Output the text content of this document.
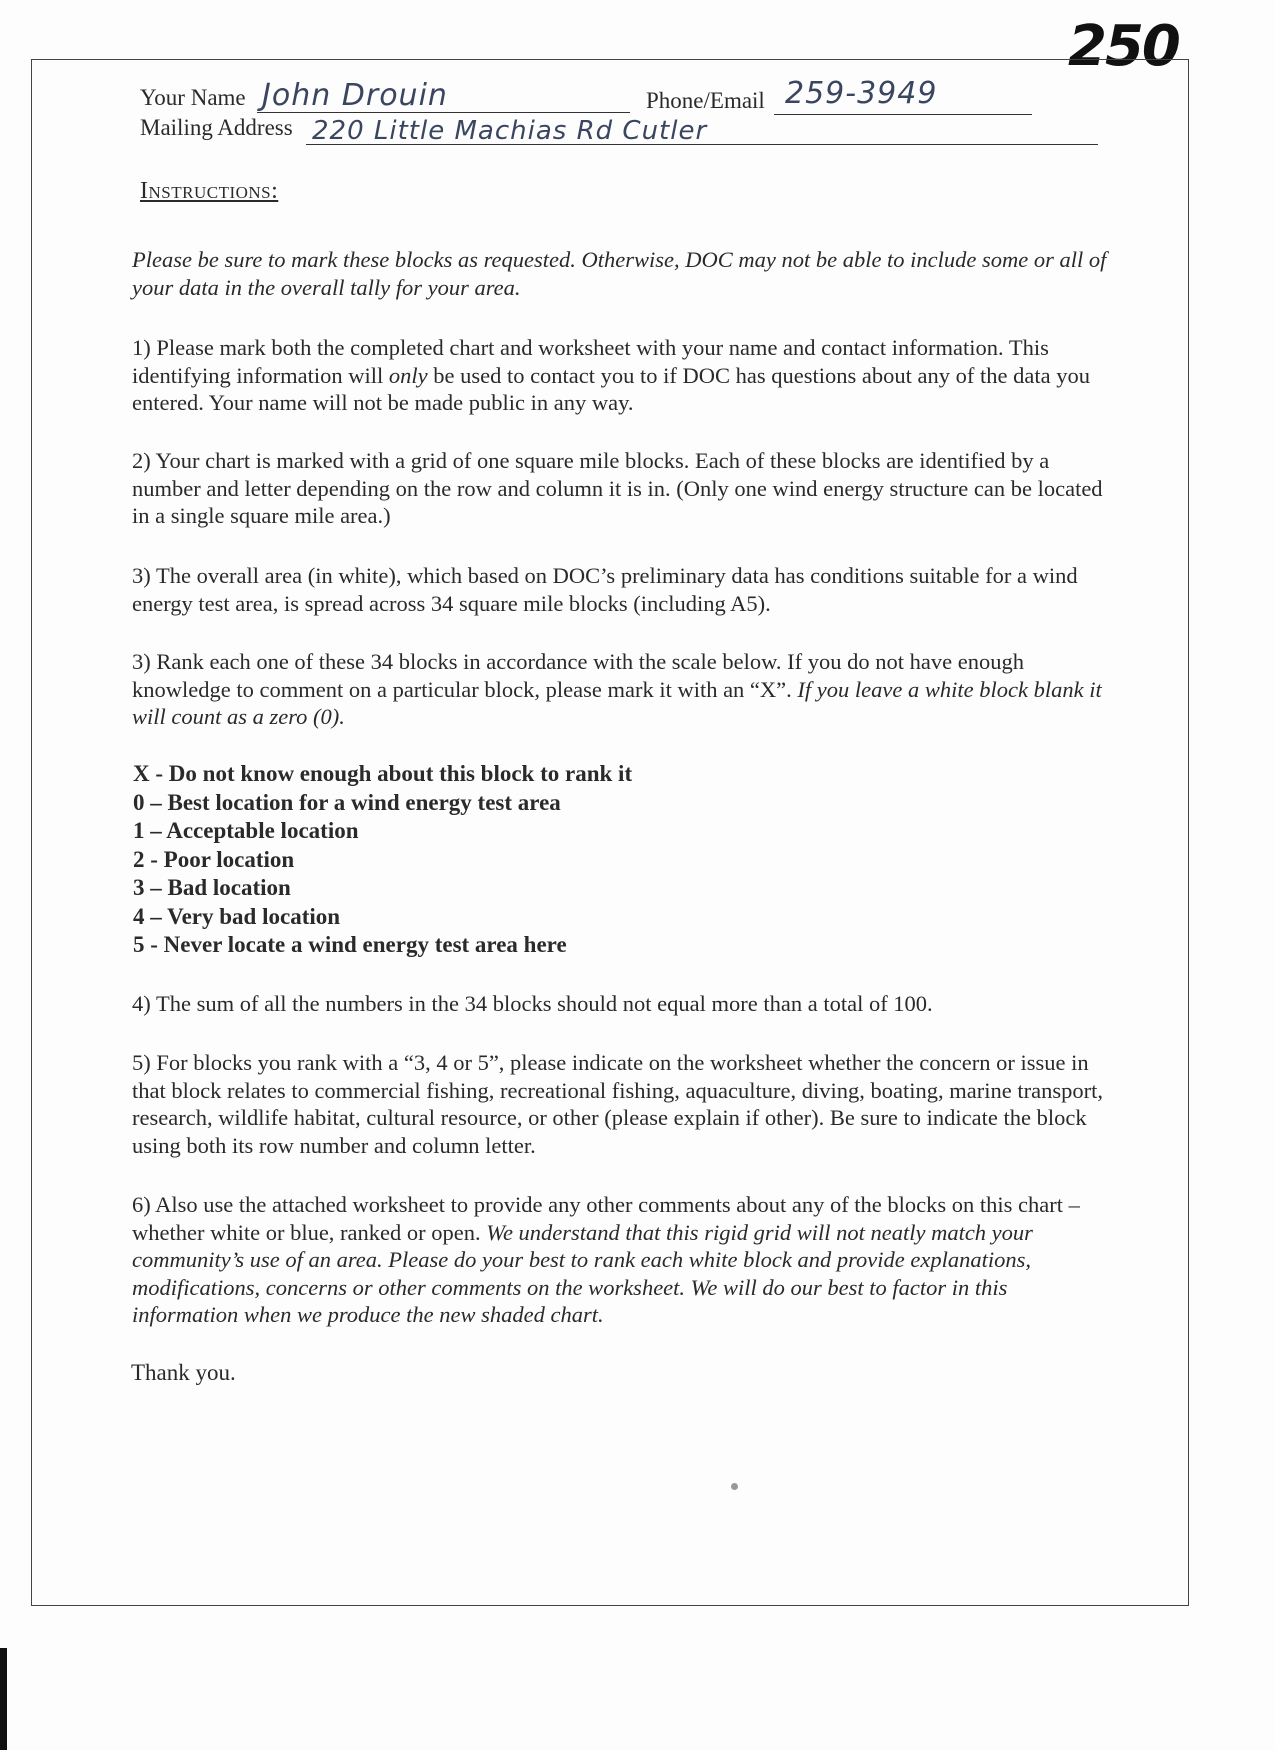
250
Your Name John Drouin	Phone/Email 259-3949
Mailing Address 220 Little Machias Rd Cutler
Instructions:

Please be sure to mark these blocks as requested. Otherwise, DOC may not be able to include some or all of your data in the overall tally for your area.

1) Please mark both the completed chart and worksheet with your name and contact information. This identifying information will only be used to contact you to if DOC has questions about any of the data you entered. Your name will not be made public in any way.

2) Your chart is marked with a grid of one square mile blocks. Each of these blocks are identified by a number and letter depending on the row and column it is in. (Only one wind energy structure can be located in a single square mile area.)

3) The overall area (in white), which based on DOC’s preliminary data has conditions suitable for a wind energy test area, is spread across 34 square mile blocks (including A5).

3) Rank each one of these 34 blocks in accordance with the scale below. If you do not have enough knowledge to comment on a particular block, please mark it with an “X”. If you leave a white block blank it will count as a zero (0).

X - Do not know enough about this block to rank it
0 – Best location for a wind energy test area
1 – Acceptable location
2 - Poor location
3 – Bad location
4 – Very bad location
5 - Never locate a wind energy test area here

4) The sum of all the numbers in the 34 blocks should not equal more than a total of 100.

5) For blocks you rank with a “3, 4 or 5”, please indicate on the worksheet whether the concern or issue in that block relates to commercial fishing, recreational fishing, aquaculture, diving, boating, marine transport, research, wildlife habitat, cultural resource, or other (please explain if other). Be sure to indicate the block using both its row number and column letter.

6) Also use the attached worksheet to provide any other comments about any of the blocks on this chart – whether white or blue, ranked or open. We understand that this rigid grid will not neatly match your community’s use of an area. Please do your best to rank each white block and provide explanations, modifications, concerns or other comments on the worksheet. We will do our best to factor in this information when we produce the new shaded chart.

Thank you.
